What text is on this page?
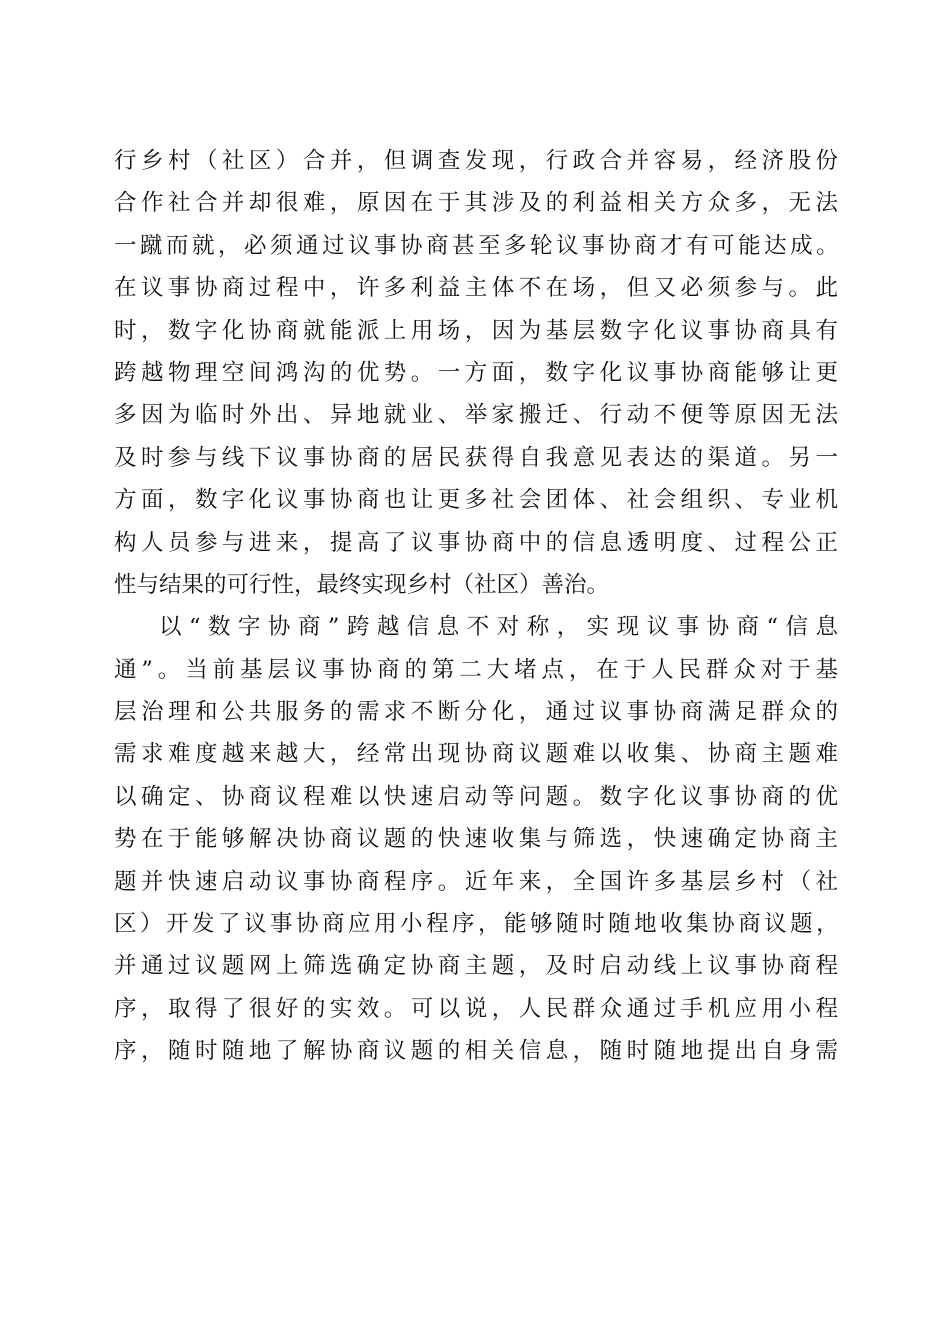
行乡村（社区）合并，但调查发现，行政合并容易，经济股份
合作社合并却很难，原因在于其涉及的利益相关方众多，无法
一蹴而就，必须通过议事协商甚至多轮议事协商才有可能达成。
在议事协商过程中，许多利益主体不在场，但又必须参与。此
时，数字化协商就能派上用场，因为基层数字化议事协商具有
跨越物理空间鸿沟的优势。一方面，数字化议事协商能够让更
多因为临时外出、异地就业、举家搬迁、行动不便等原因无法
及时参与线下议事协商的居民获得自我意见表达的渠道。另一
方面，数字化议事协商也让更多社会团体、社会组织、专业机
构人员参与进来，提高了议事协商中的信息透明度、过程公正
性与结果的可行性，最终实现乡村（社区）善治。
以“数字协商”跨越信息不对称，实现议事协商“信息
通”。当前基层议事协商的第二大堵点，在于人民群众对于基
层治理和公共服务的需求不断分化，通过议事协商满足群众的
需求难度越来越大，经常出现协商议题难以收集、协商主题难
以确定、协商议程难以快速启动等问题。数字化议事协商的优
势在于能够解决协商议题的快速收集与筛选，快速确定协商主
题并快速启动议事协商程序。近年来，全国许多基层乡村（社
区）开发了议事协商应用小程序，能够随时随地收集协商议题，
并通过议题网上筛选确定协商主题，及时启动线上议事协商程
序，取得了很好的实效。可以说，人民群众通过手机应用小程
序，随时随地了解协商议题的相关信息，随时随地提出自身需
